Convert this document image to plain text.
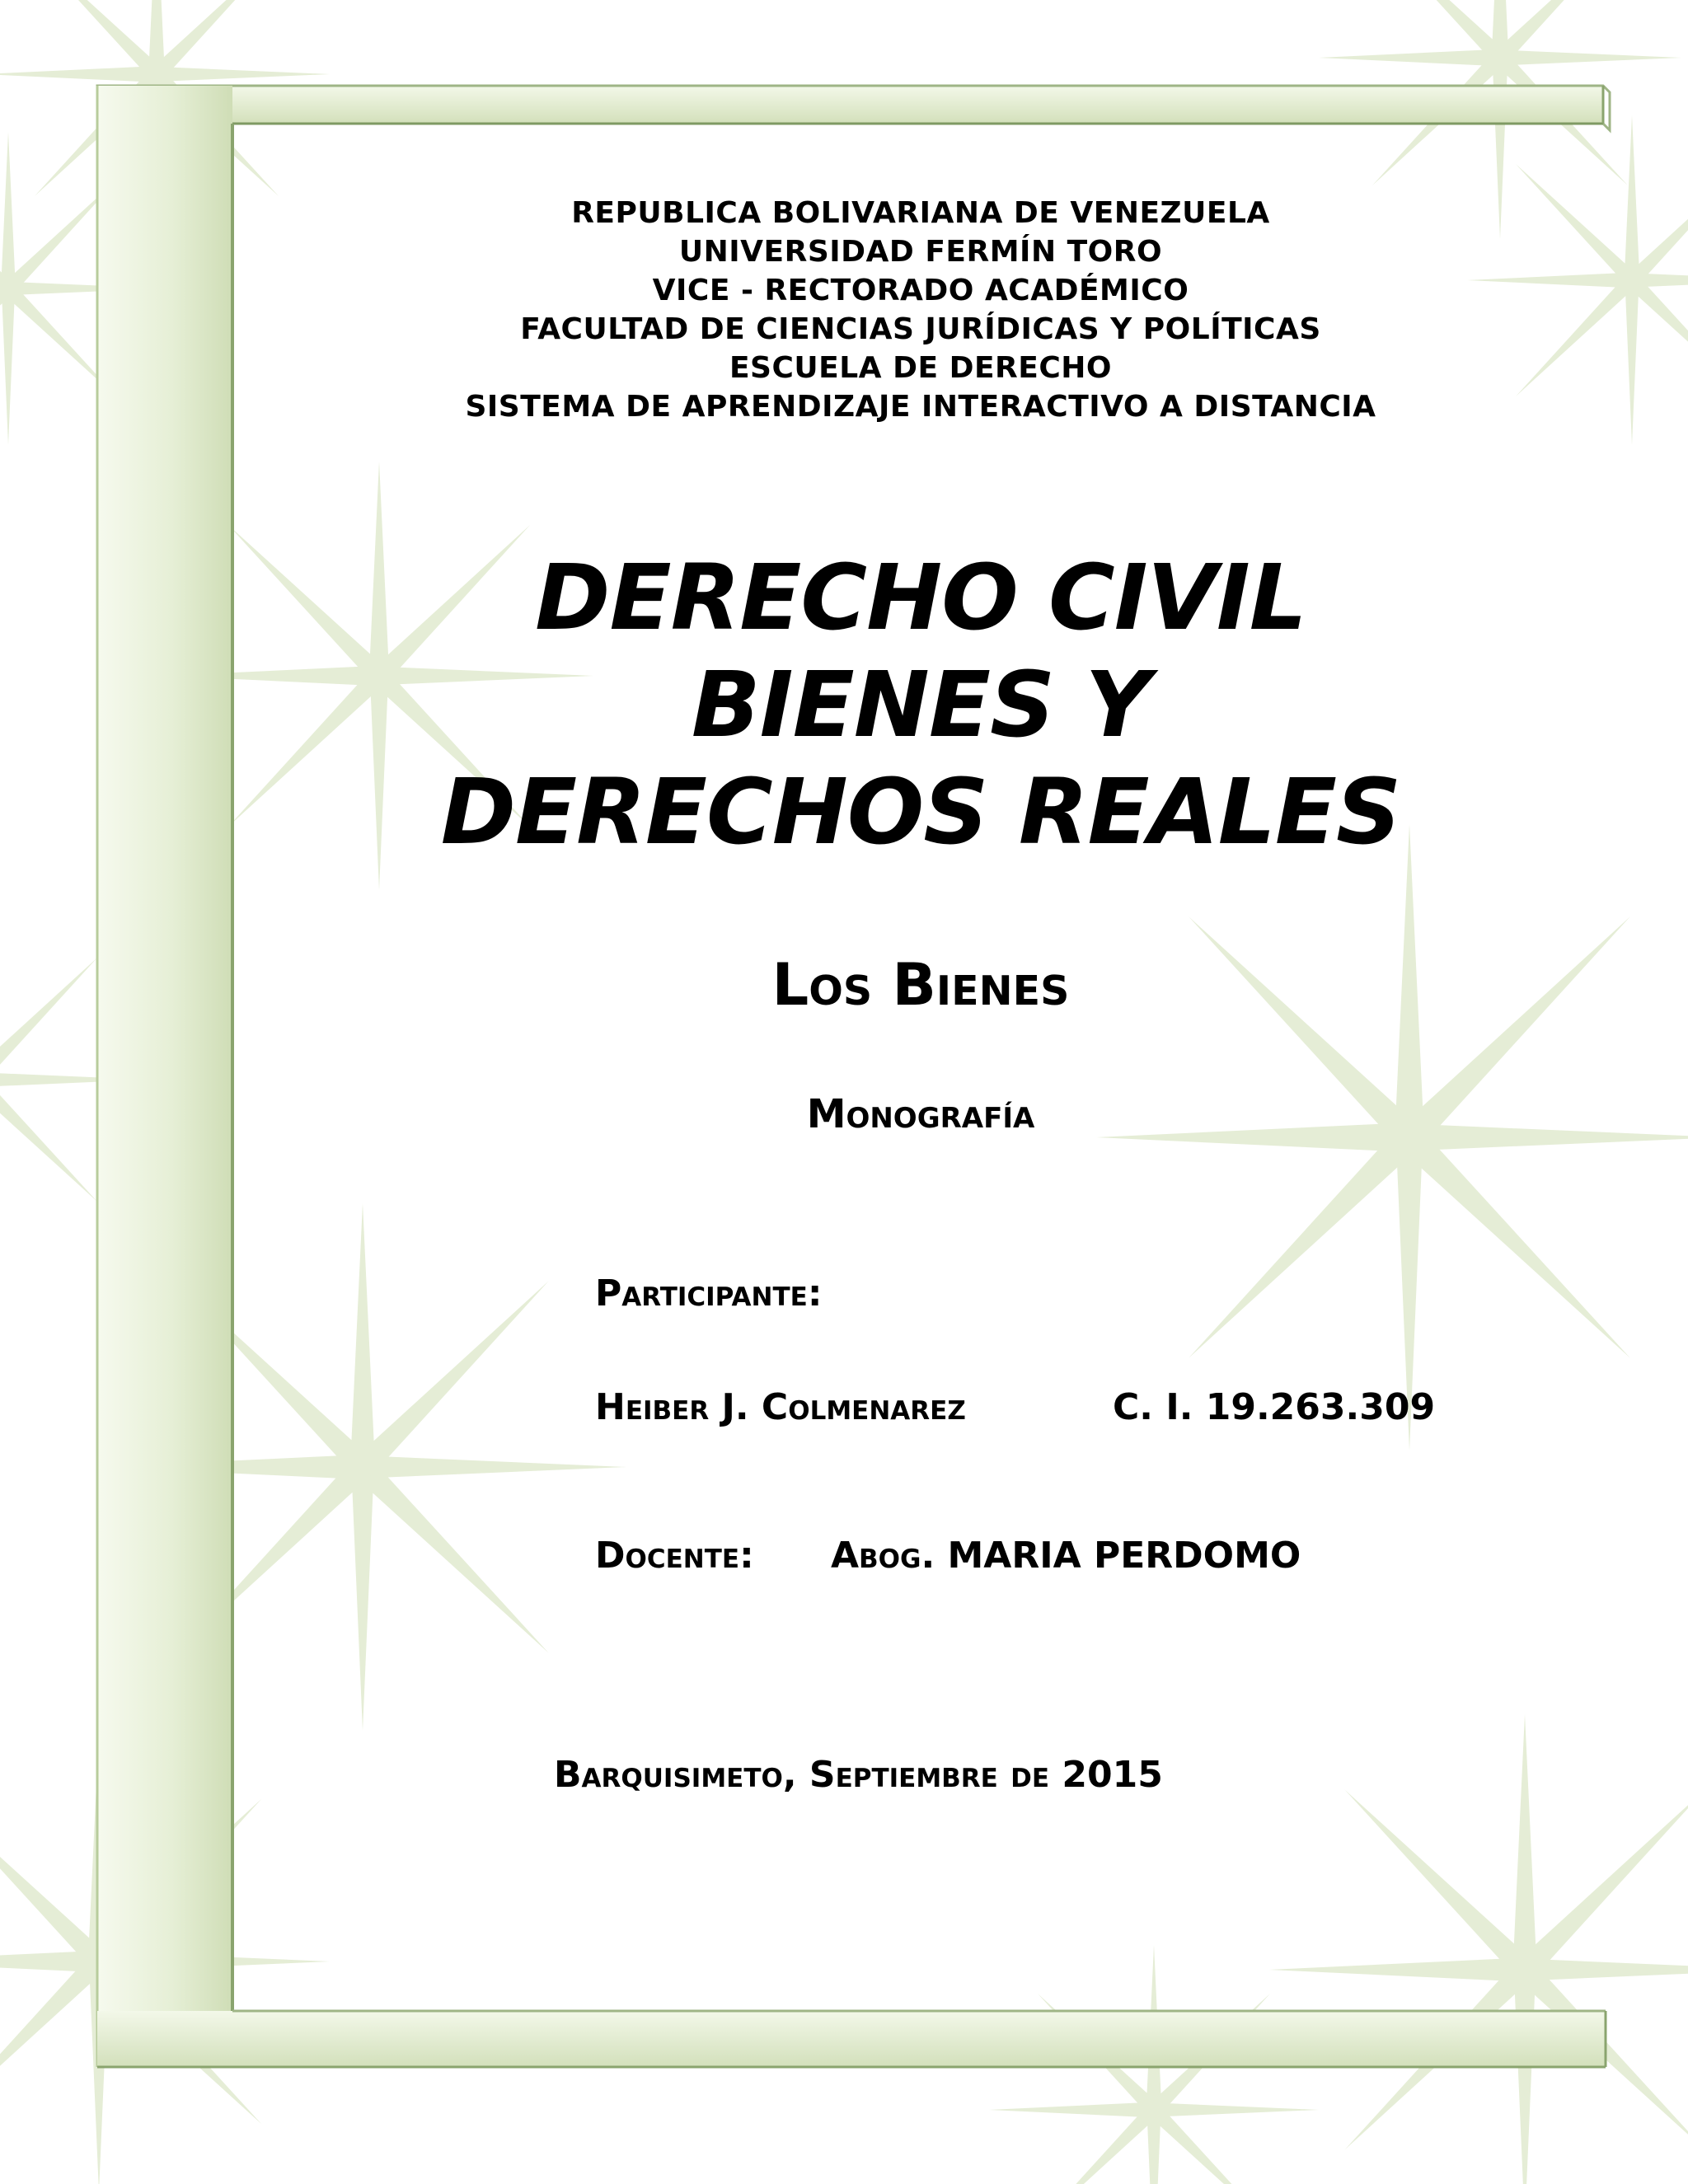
REPUBLICA BOLIVARIANA DE VENEZUELA
UNIVERSIDAD FERMÍN TORO
VICE - RECTORADO ACADÉMICO
FACULTAD DE CIENCIAS JURÍDICAS Y POLÍTICAS
ESCUELA DE DERECHO
SISTEMA DE APRENDIZAJE INTERACTIVO A DISTANCIA
DERECHO CIVIL
BIENES Y
DERECHOS REALES
Los Bienes
Monografía
Participante:
Heiber J. Colmenarez	C. I. 19.263.309
Docente: Abog. MARIA PERDOMO
Barquisimeto, Septiembre de 2015
